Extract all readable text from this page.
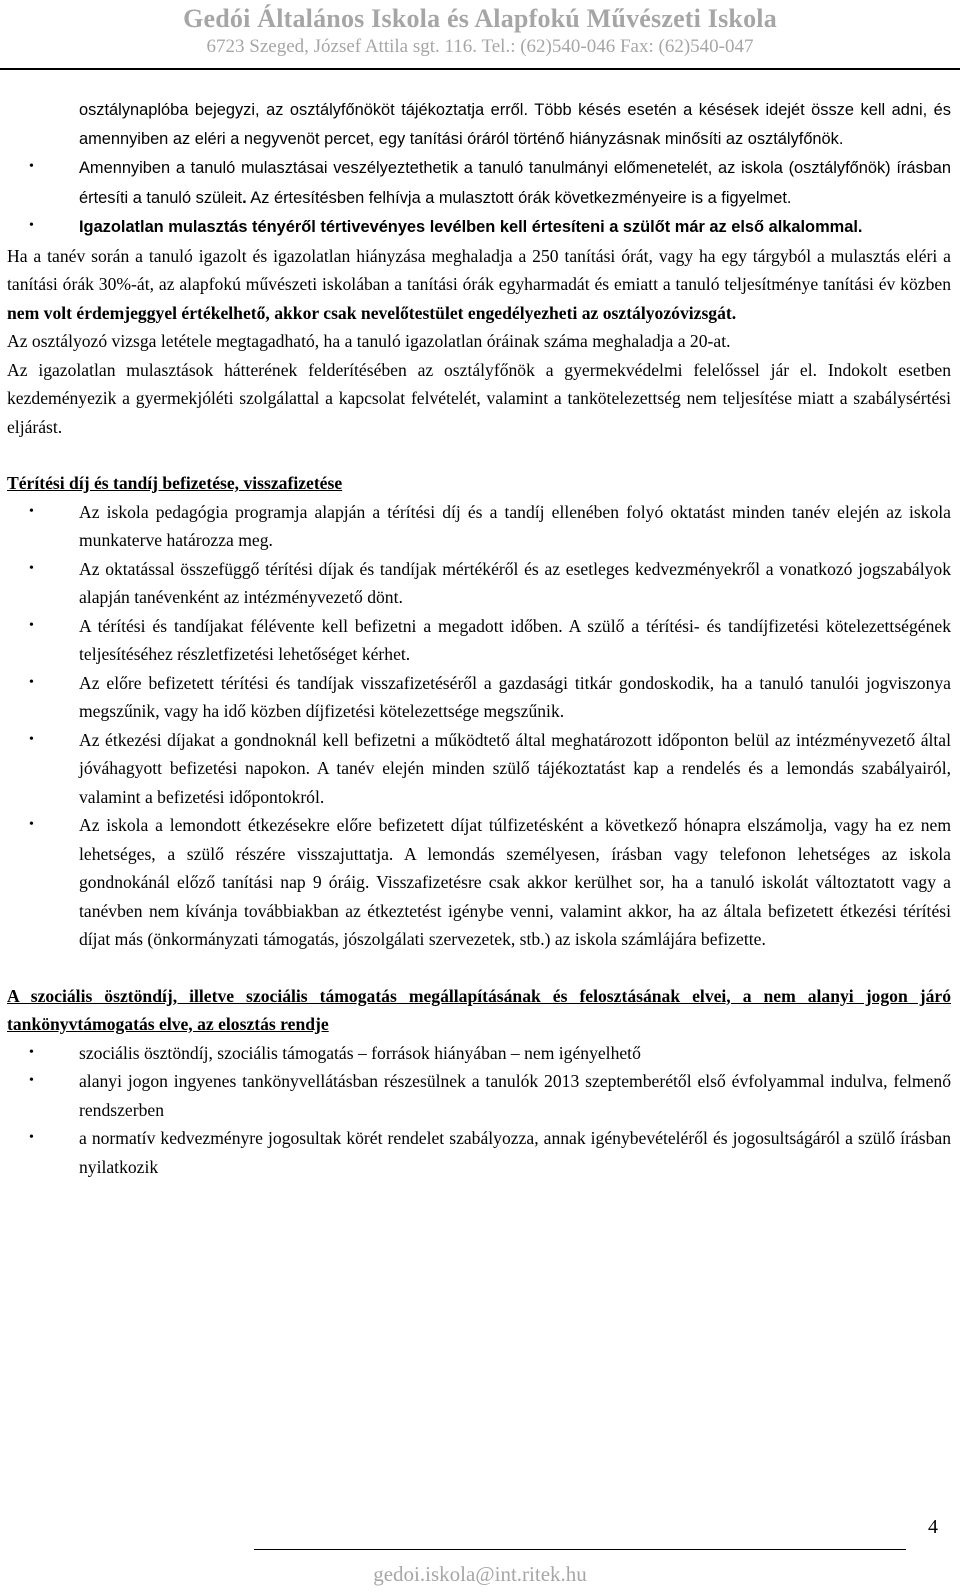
Gedói Általános Iskola és Alapfokú Művészeti Iskola
6723 Szeged, József Attila sgt. 116. Tel.: (62)540-046 Fax: (62)540-047

osztálynaplóba bejegyzi, az osztályfőnököt tájékoztatja erről. Több késés esetén a késések idejét össze kell adni, és amennyiben az eléri a negyvenöt percet, egy tanítási óráról történő hiányzásnak minősíti az osztályfőnök.

•	Amennyiben a tanuló mulasztásai veszélyeztethetik a tanuló tanulmányi előmenetelét, az iskola (osztályfőnök) írásban értesíti a tanuló szüleit. Az értesítésben felhívja a mulasztott órák következményeire is a figyelmet.
•	Igazolatlan mulasztás tényéről tértivevényes levélben kell értesíteni a szülőt már az első alkalommal.

Ha a tanév során a tanuló igazolt és igazolatlan hiányzása meghaladja a 250 tanítási órát, vagy ha egy tárgyból a mulasztás eléri a tanítási órák 30%-át, az alapfokú művészeti iskolában a tanítási órák egyharmadát és emiatt a tanuló teljesítménye tanítási év közben nem volt érdemjeggyel értékelhető, akkor csak nevelőtestület engedélyezheti az osztályozóvizsgát.

Az osztályozó vizsga letétele megtagadható, ha a tanuló igazolatlan óráinak száma meghaladja a 20-at.

Az igazolatlan mulasztások hátterének felderítésében az osztályfőnök a gyermekvédelmi felelőssel jár el. Indokolt esetben kezdeményezik a gyermekjóléti szolgálattal a kapcsolat felvételét, valamint a tankötelezettség nem teljesítése miatt a szabálysértési eljárást.

Térítési díj és tandíj befizetése, visszafizetése

•	Az iskola pedagógia programja alapján a térítési díj és a tandíj ellenében folyó oktatást minden tanév elején az iskola munkaterve határozza meg.
•	Az oktatással összefüggő térítési díjak és tandíjak mértékéről és az esetleges kedvezményekről a vonatkozó jogszabályok alapján tanévenként az intézményvezető dönt.
•	A térítési és tandíjakat félévente kell befizetni a megadott időben. A szülő a térítési- és tandíjfizetési kötelezettségének teljesítéséhez részletfizetési lehetőséget kérhet.
•	Az előre befizetett térítési és tandíjak visszafizetéséről a gazdasági titkár gondoskodik, ha a tanuló tanulói jogviszonya megszűnik, vagy ha idő közben díjfizetési kötelezettsége megszűnik.
•	Az étkezési díjakat a gondnoknál kell befizetni a működtető által meghatározott időponton belül az intézményvezető által jóváhagyott befizetési napokon. A tanév elején minden szülő tájékoztatást kap a rendelés és a lemondás szabályairól, valamint a befizetési időpontokról.
•	Az iskola a lemondott étkezésekre előre befizetett díjat túlfizetésként a következő hónapra elszámolja, vagy ha ez nem lehetséges, a szülő részére visszajuttatja. A lemondás személyesen, írásban vagy telefonon lehetséges az iskola gondnokánál előző tanítási nap 9 óráig. Visszafizetésre csak akkor kerülhet sor, ha a tanuló iskolát változtatott vagy a tanévben nem kívánja továbbiakban az étkeztetést igénybe venni, valamint akkor, ha az általa befizetett étkezési térítési díjat más (önkormányzati támogatás, jószolgálati szervezetek, stb.) az iskola számlájára befizette.

A szociális ösztöndíj, illetve szociális támogatás megállapításának és felosztásának elvei, a nem alanyi jogon járó tankönyvtámogatás elve, az elosztás rendje

•	szociális ösztöndíj, szociális támogatás – források hiányában – nem igényelhető
•	alanyi jogon ingyenes tankönyvellátásban részesülnek a tanulók 2013 szeptemberétől első évfolyammal indulva, felmenő rendszerben
•	a normatív kedvezményre jogosultak körét rendelet szabályozza, annak igénybevételéről és jogosultságáról a szülő írásban nyilatkozik
4
gedoi.iskola@int.ritek.hu
